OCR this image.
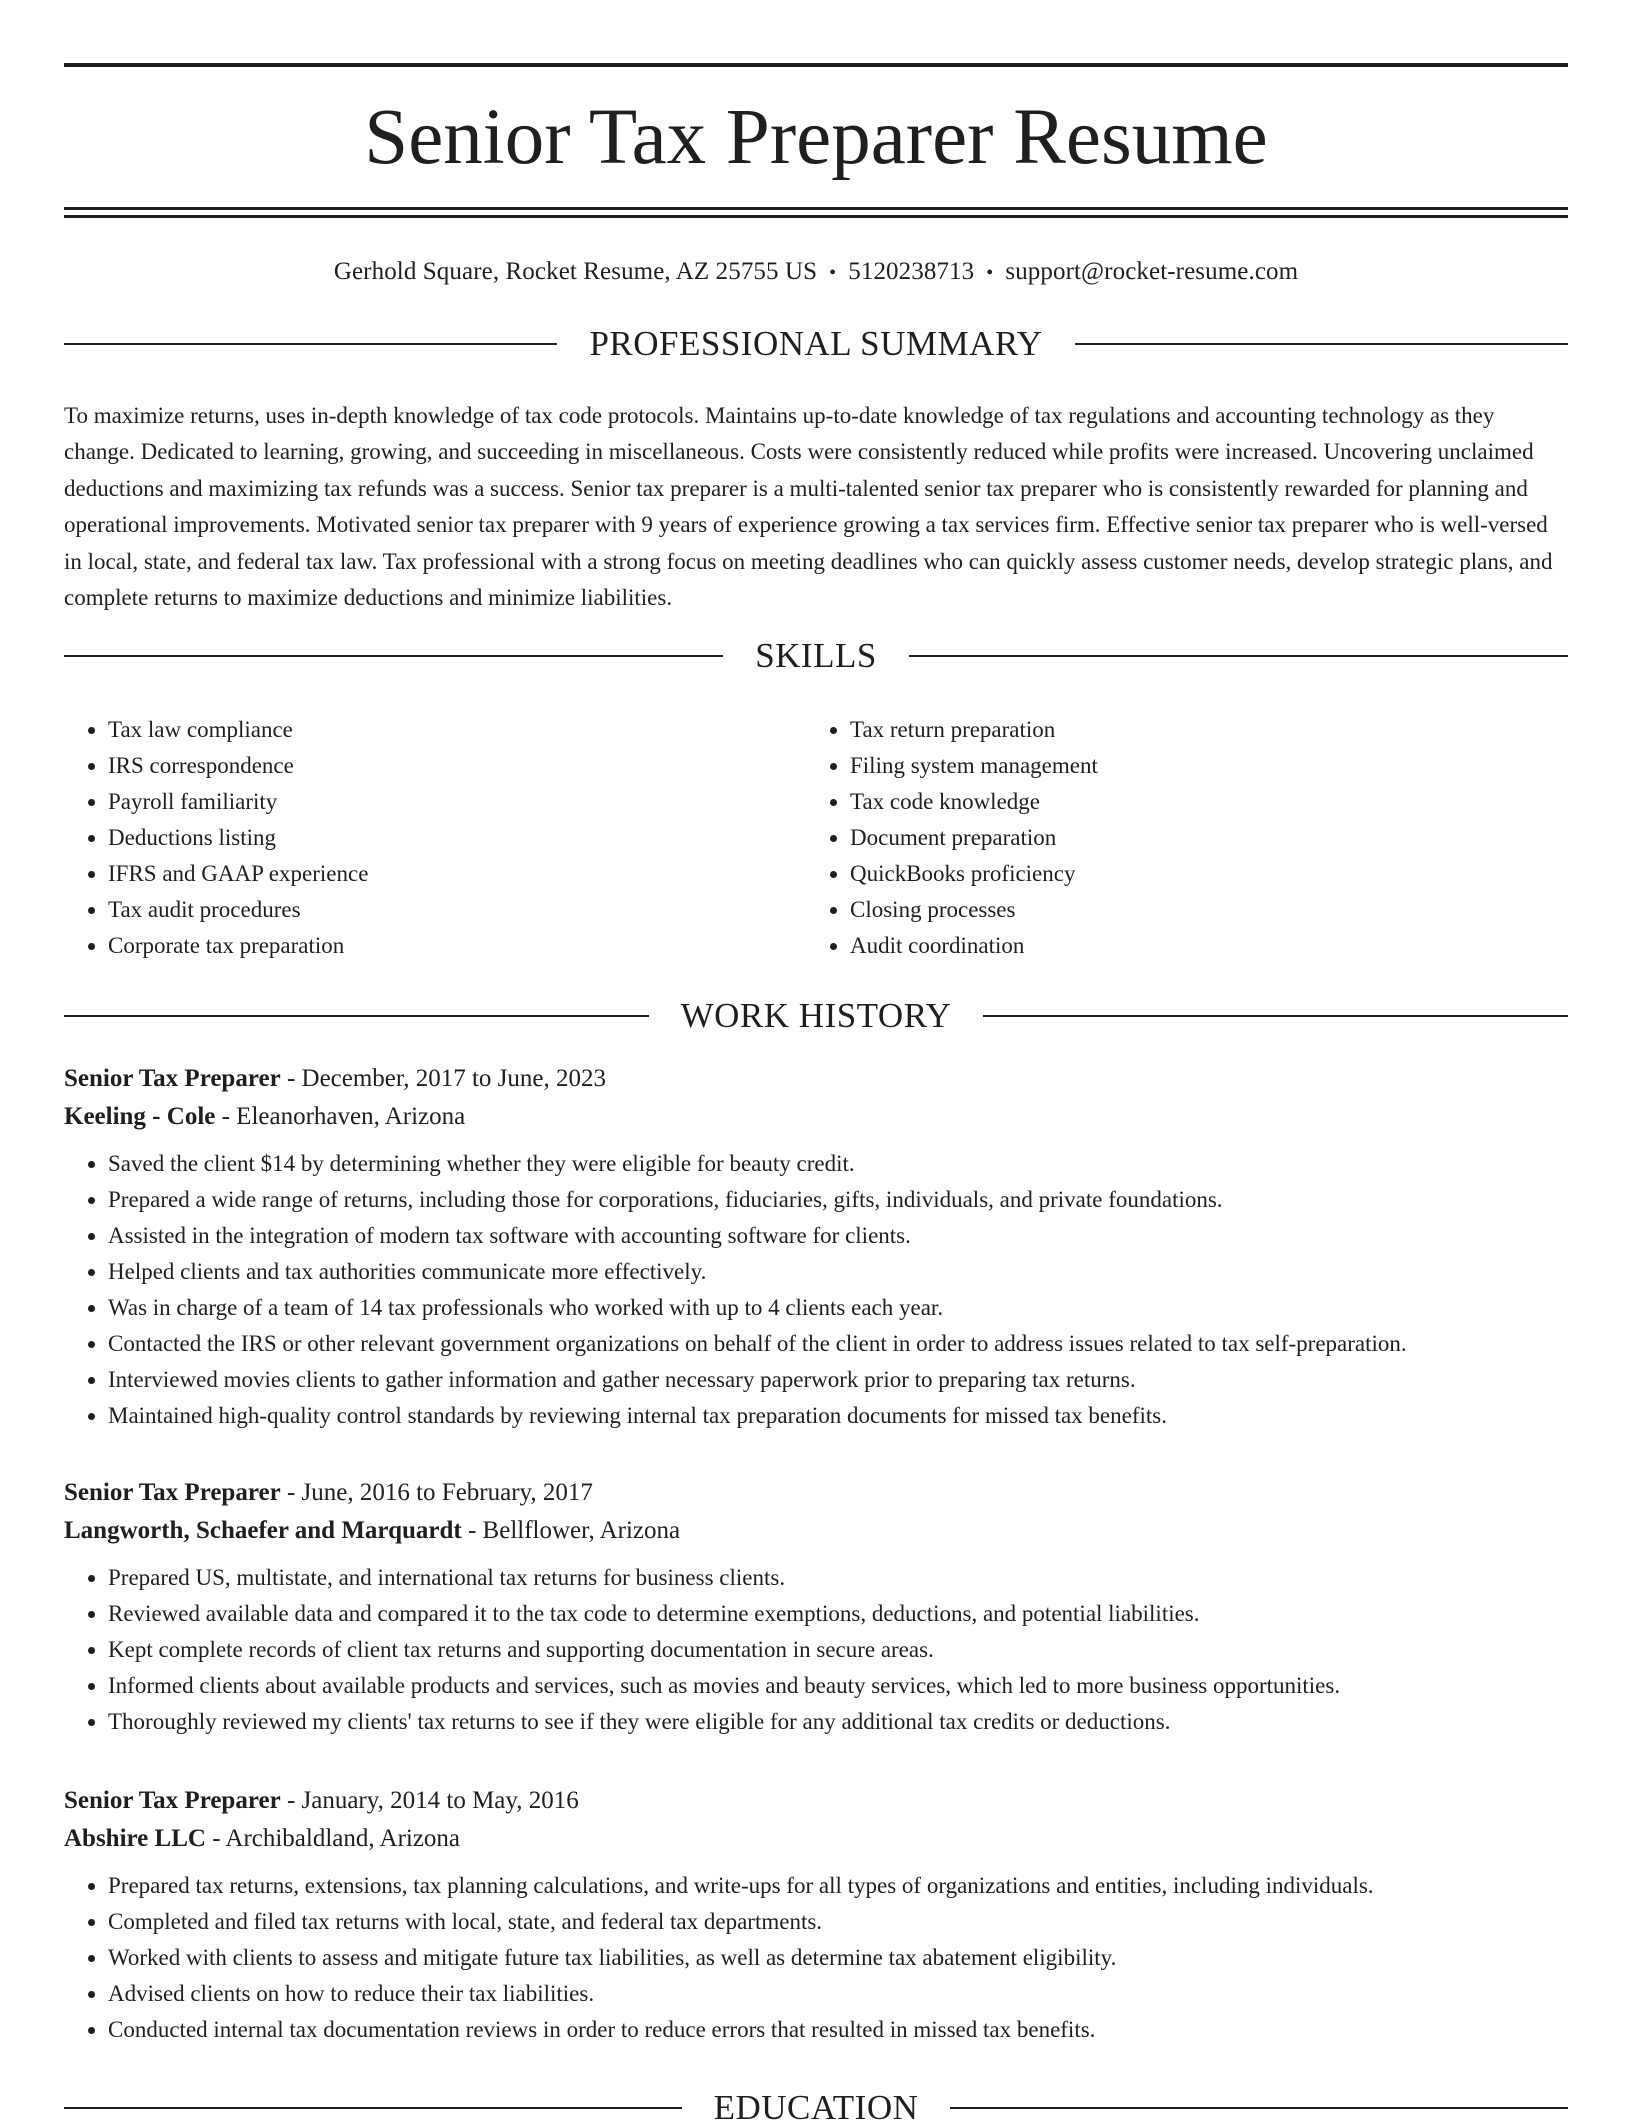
Senior Tax Preparer Resume
Gerhold Square, Rocket Resume, AZ 25755 US • 5120238713 • support@rocket-resume.com
PROFESSIONAL SUMMARY

To maximize returns, uses in-depth knowledge of tax code protocols. Maintains up-to-date knowledge of tax regulations and accounting technology as they change. Dedicated to learning, growing, and succeeding in miscellaneous. Costs were consistently reduced while profits were increased. Uncovering unclaimed deductions and maximizing tax refunds was a success. Senior tax preparer is a multi-talented senior tax preparer who is consistently rewarded for planning and operational improvements. Motivated senior tax preparer with 9 years of experience growing a tax services firm. Effective senior tax preparer who is well-versed in local, state, and federal tax law. Tax professional with a strong focus on meeting deadlines who can quickly assess customer needs, develop strategic plans, and complete returns to maximize deductions and minimize liabilities.

SKILLS
• Tax law compliance
• IRS correspondence
• Payroll familiarity
• Deductions listing
• IFRS and GAAP experience
• Tax audit procedures
• Corporate tax preparation
• Tax return preparation
• Filing system management
• Tax code knowledge
• Document preparation
• QuickBooks proficiency
• Closing processes
• Audit coordination
WORK HISTORY
Senior Tax Preparer - December, 2017 to June, 2023
Keeling - Cole - Eleanorhaven, Arizona
• Saved the client $14 by determining whether they were eligible for beauty credit.
• Prepared a wide range of returns, including those for corporations, fiduciaries, gifts, individuals, and private foundations.
• Assisted in the integration of modern tax software with accounting software for clients.
• Helped clients and tax authorities communicate more effectively.
• Was in charge of a team of 14 tax professionals who worked with up to 4 clients each year.
• Contacted the IRS or other relevant government organizations on behalf of the client in order to address issues related to tax self-preparation.
• Interviewed movies clients to gather information and gather necessary paperwork prior to preparing tax returns.
• Maintained high-quality control standards by reviewing internal tax preparation documents for missed tax benefits.
Senior Tax Preparer - June, 2016 to February, 2017
Langworth, Schaefer and Marquardt - Bellflower, Arizona
• Prepared US, multistate, and international tax returns for business clients.
• Reviewed available data and compared it to the tax code to determine exemptions, deductions, and potential liabilities.
• Kept complete records of client tax returns and supporting documentation in secure areas.
• Informed clients about available products and services, such as movies and beauty services, which led to more business opportunities.
• Thoroughly reviewed my clients' tax returns to see if they were eligible for any additional tax credits or deductions.
Senior Tax Preparer - January, 2014 to May, 2016
Abshire LLC - Archibaldland, Arizona
• Prepared tax returns, extensions, tax planning calculations, and write-ups for all types of organizations and entities, including individuals.
• Completed and filed tax returns with local, state, and federal tax departments.
• Worked with clients to assess and mitigate future tax liabilities, as well as determine tax abatement eligibility.
• Advised clients on how to reduce their tax liabilities.
• Conducted internal tax documentation reviews in order to reduce errors that resulted in missed tax benefits.
EDUCATION
